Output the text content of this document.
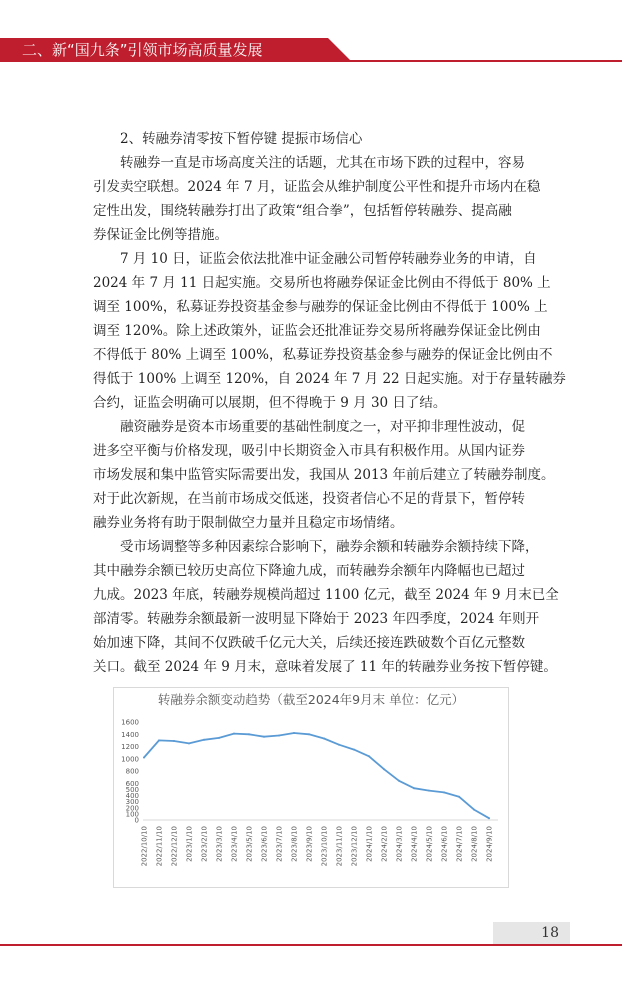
二、新“国九条”引领市场高质量发展
2、转融券清零按下暂停键 提振市场信心
转融券一直是市场高度关注的话题，尤其在市场下跌的过程中，容易
引发卖空联想。2024 年 7 月，证监会从维护制度公平性和提升市场内在稳
定性出发，围绕转融券打出了政策“组合拳”，包括暂停转融券、提高融
券保证金比例等措施。
7 月 10 日，证监会依法批准中证金融公司暂停转融券业务的申请，自
2024 年 7 月 11 日起实施。交易所也将融券保证金比例由不得低于 80% 上
调至 100%，私募证券投资基金参与融券的保证金比例由不得低于 100% 上
调至 120%。除上述政策外，证监会还批准证券交易所将融券保证金比例由
不得低于 80% 上调至 100%，私募证券投资基金参与融券的保证金比例由不
得低于 100% 上调至 120%，自 2024 年 7 月 22 日起实施。对于存量转融券
合约，证监会明确可以展期，但不得晚于 9 月 30 日了结。
融资融券是资本市场重要的基础性制度之一，对平抑非理性波动，促
进多空平衡与价格发现，吸引中长期资金入市具有积极作用。从国内证券
市场发展和集中监管实际需要出发，我国从 2013 年前后建立了转融券制度。
对于此次新规，在当前市场成交低迷，投资者信心不足的背景下，暂停转
融券业务将有助于限制做空力量并且稳定市场情绪。
受市场调整等多种因素综合影响下，融券余额和转融券余额持续下降，
其中融券余额已较历史高位下降逾九成，而转融券余额年内降幅也已超过
九成。2023 年底，转融券规模尚超过 1100 亿元，截至 2024 年 9 月末已全
部清零。转融券余额最新一波明显下降始于 2023 年四季度，2024 年则开
始加速下降，其间不仅跌破千亿元大关，后续还接连跌破数个百亿元整数
关口。截至 2024 年 9 月末，意味着发展了 11 年的转融券业务按下暂停键。
转融券余额变动趋势（截至2024年9月末 单位：亿元）
1600
1400
1200
1000
800
600
500
400
300
200
100
0
2022/10/10 2022/11/10 2022/12/10 2023/1/10 2023/2/10 2023/3/10 2023/4/10 2023/5/10 2023/6/10 2023/7/10 2023/8/10 2023/9/10 2023/10/10 2023/11/10 2023/12/10 2024/1/10 2024/2/10 2024/3/10 2024/4/10 2024/5/10 2024/6/10 2024/7/10 2024/8/10 2024/9/10
18
